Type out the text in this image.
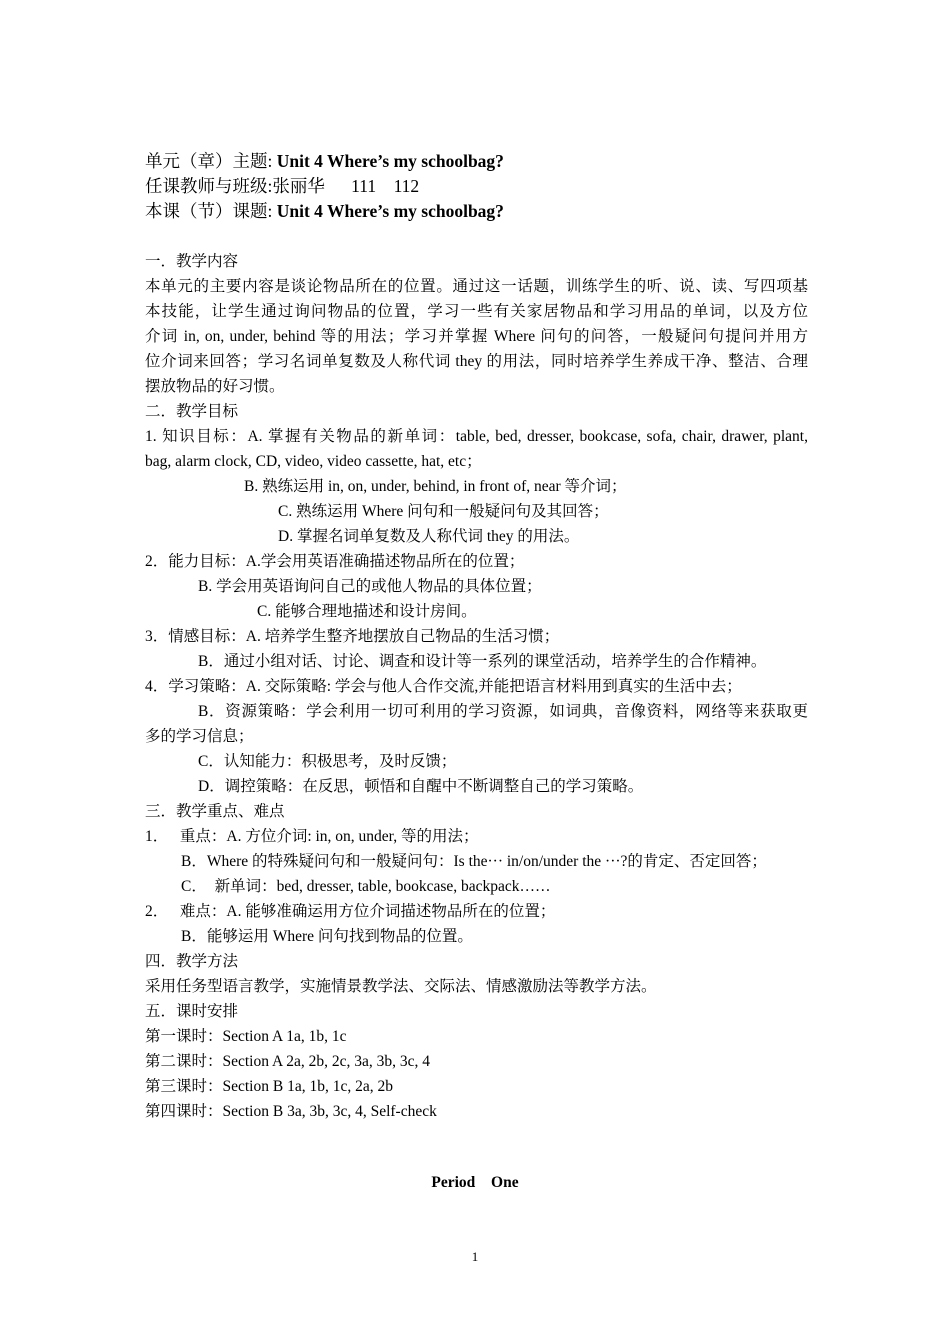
单元（章）主题: Unit 4 Where’s my schoolbag?
任课教师与班级:张丽华      111    112
本课（节）课题: Unit 4 Where’s my schoolbag?
一．教学内容
本单元的主要内容是谈论物品所在的位置。通过这一话题，训练学生的听、说、读、写四项基
本技能，让学生通过询问物品的位置，学习一些有关家居物品和学习用品的单词，以及方位
介词 in, on, under, behind 等的用法；学习并掌握 Where 问句的问答，一般疑问句提问并用方
位介词来回答；学习名词单复数及人称代词 they 的用法，同时培养学生养成干净、整洁、合理
摆放物品的好习惯。
二．教学目标
1. 知识目标：A. 掌握有关物品的新单词：table, bed, dresser, bookcase, sofa, chair, drawer, plant,
bag, alarm clock, CD, video, video cassette, hat, etc；
B. 熟练运用 in, on, under, behind, in front of, near 等介词；
C. 熟练运用 Where 问句和一般疑问句及其回答；
D. 掌握名词单复数及人称代词 they 的用法。
2．能力目标：A.学会用英语准确描述物品所在的位置；
B. 学会用英语询问自己的或他人物品的具体位置；
C. 能够合理地描述和设计房间。
3．情感目标：A. 培养学生整齐地摆放自己物品的生活习惯；
B．通过小组对话、讨论、调查和设计等一系列的课堂活动，培养学生的合作精神。
4．学习策略：A. 交际策略: 学会与他人合作交流,并能把语言材料用到真实的生活中去；
B．资源策略：学会利用一切可利用的学习资源，如词典，音像资料，网络等来获取更
多的学习信息；
C．认知能力：积极思考，及时反馈；
D．调控策略：在反思，顿悟和自醒中不断调整自己的学习策略。
三．教学重点、难点
1．   重点：A. 方位介词: in, on, under, 等的用法；
B．Where 的特殊疑问句和一般疑问句：Is the··· in/on/under the ···?的肯定、否定回答；
C．  新单词：bed, dresser, table, bookcase, backpack……
2．   难点：A. 能够准确运用方位介词描述物品所在的位置；
B．能够运用 Where 问句找到物品的位置。
四．教学方法
采用任务型语言教学，实施情景教学法、交际法、情感激励法等教学方法。
五．课时安排
第一课时：Section A 1a, 1b, 1c
第二课时：Section A 2a, 2b, 2c, 3a, 3b, 3c, 4
第三课时：Section B 1a, 1b, 1c, 2a, 2b
第四课时：Section B 3a, 3b, 3c, 4, Self-check
Period  One
1
